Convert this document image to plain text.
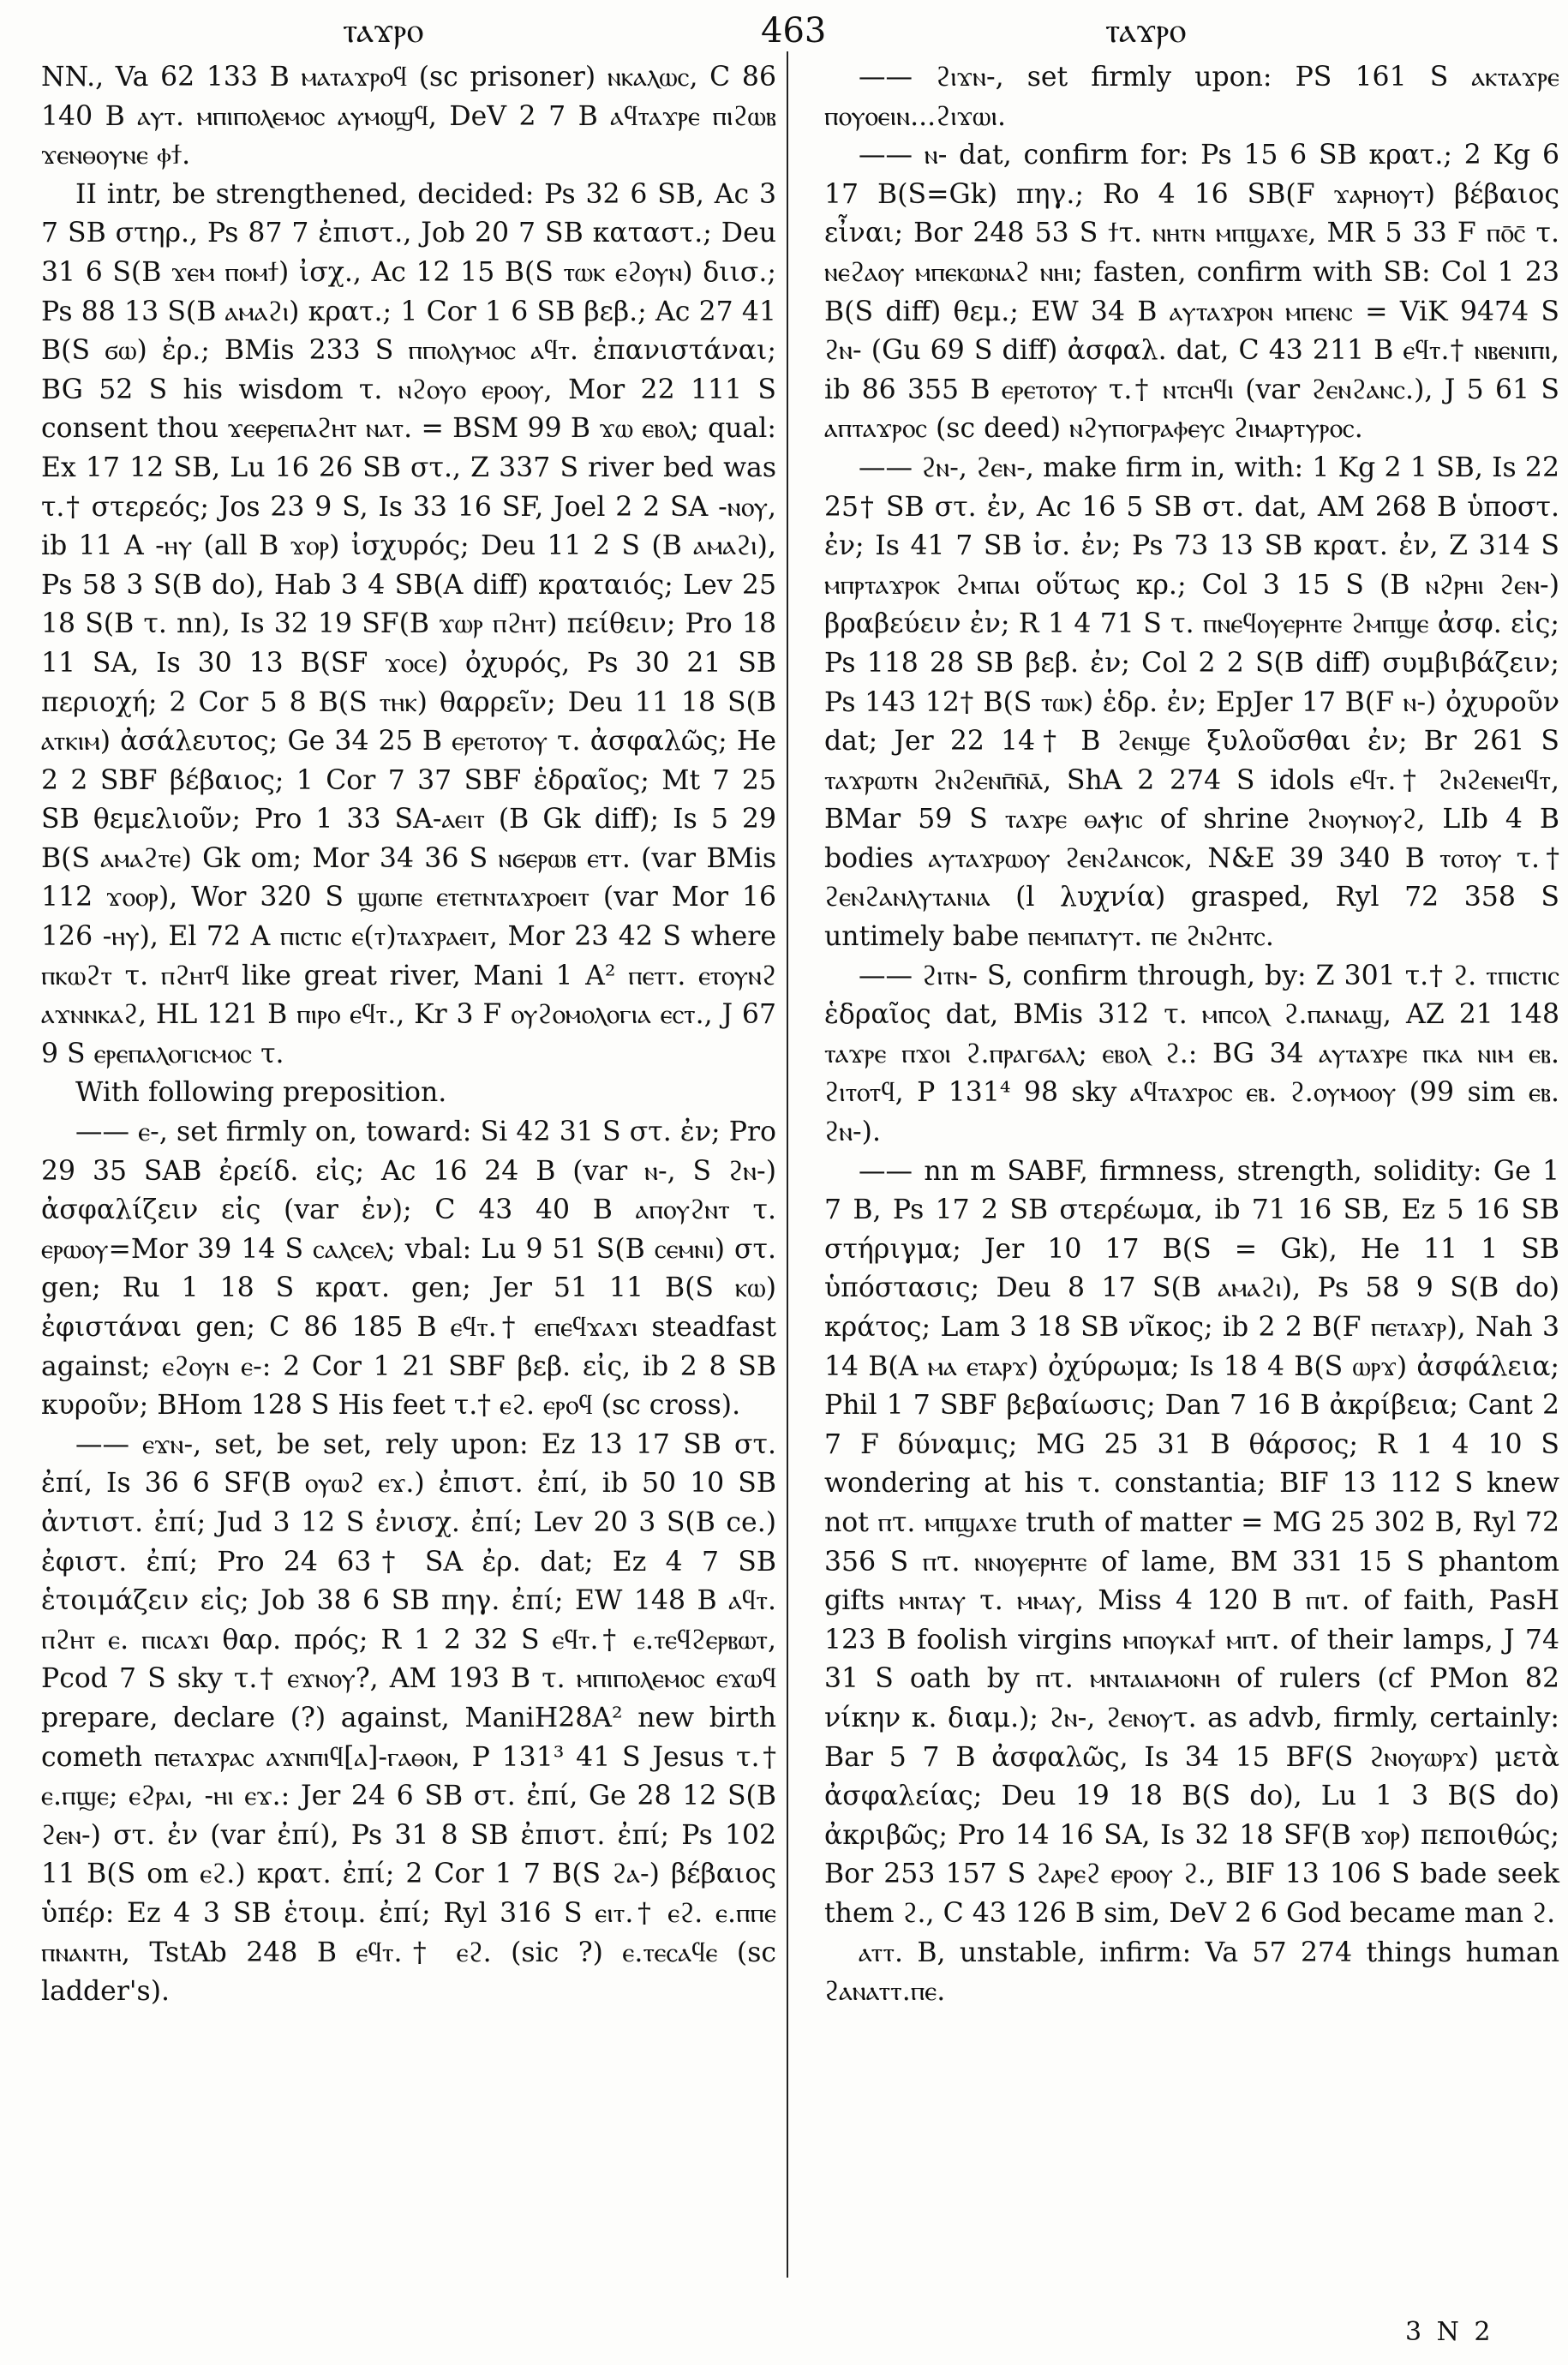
ⲧⲁϫⲣⲟ	463	ⲧⲁϫⲣⲟ

NN., Va 62 133 B ⲙⲁⲧⲁϫⲣⲟϥ (sc prisoner) ⲛⲕⲁⲗⲱⲥ, C 86 140 B ⲁⲩⲧ. ⲙⲡⲓⲡⲟⲗⲉⲙⲟⲥ ⲁⲩⲙⲟϣϥ, DeV 2 7 B ⲁϥⲧⲁϫⲣⲉ ⲡⲓϩⲱⲃ ϫⲉⲛⲑⲟⲩⲛⲉ ⲫϯ.

II intr, be strengthened, decided: Ps 32 6 SB, Ac 3 7 SB στηρ., Ps 87 7 ἐπιστ., Job 20 7 SB καταστ.; Deu 31 6 S(B ϫⲉⲙ ⲡⲟⲙϯ) ἰσχ., Ac 12 15 B(S ⲧⲱⲕ ⲉϩⲟⲩⲛ) διισ.; Ps 88 13 S(B ⲁⲙⲁϩⲓ) κρατ.; 1 Cor 1 6 SB βεβ.; Ac 27 41 B(S ϭⲱ) ἐρ.; BMis 233 S ⲡⲡⲟⲗⲩⲙⲟⲥ ⲁϥⲧ. ἐπανιστάναι; BG 52 S his wisdom τ. ⲛϩⲟⲩⲟ ⲉⲣⲟⲟⲩ, Mor 22 111 S consent thou ϫⲉⲉⲣⲉⲡⲁϩⲏⲧ ⲛⲁⲧ. = BSM 99 B ϫⲱ ⲉⲃⲟⲗ; qual: Ex 17 12 SB, Lu 16 26 SB στ., Z 337 S river bed was τ.† στερεός; Jos 23 9 S, Is 33 16 SF, Joel 2 2 SA -ⲛⲟⲩ, ib 11 A -ⲏⲩ (all B ϫⲟⲣ) ἰσχυρός; Deu 11 2 S (B ⲁⲙⲁϩⲓ), Ps 58 3 S(B do), Hab 3 4 SB(A diff) κραταιός; Lev 25 18 S(B τ. nn), Is 32 19 SF(B ϫⲱⲣ ⲡϩⲏⲧ) πείθειν; Pro 18 11 SA, Is 30 13 B(SF ϫⲟⲥⲉ) ὀχυρός, Ps 30 21 SB περιοχή; 2 Cor 5 8 B(S ⲧⲏⲕ) θαρρεῖν; Deu 11 18 S(B ⲁⲧⲕⲓⲙ) ἀσάλευτος; Ge 34 25 B ⲉⲣⲉⲧⲟⲧⲟⲩ τ. ἀσφαλῶς; He 2 2 SBF βέβαιος; 1 Cor 7 37 SBF ἑδραῖος; Mt 7 25 SB θεμελιοῦν; Pro 1 33 SA-ⲁⲉⲓⲧ (B Gk diff); Is 5 29 B(S ⲁⲙⲁϩⲧⲉ) Gk om; Mor 34 36 S ⲛϭⲉⲣⲱⲃ ⲉⲧⲧ. (var BMis 112 ϫⲟⲟⲣ), Wor 320 S ϣⲱⲡⲉ ⲉⲧⲉⲧⲛⲧⲁϫⲣⲟⲉⲓⲧ (var Mor 16 126 -ⲏⲩ), El 72 A ⲡⲓⲥⲧⲓⲥ ⲉ(ⲧ)ⲧⲁϫⲣⲁⲉⲓⲧ, Mor 23 42 S where ⲡⲕⲱϩⲧ τ. ⲡϩⲏⲧϥ like great river, Mani 1 A² ⲡⲉⲧⲧ. ⲉⲧⲟⲩⲛϩ ⲁϫⲛⲛⲕⲁϩ, HL 121 B ⲡⲓⲣⲟ ⲉϥⲧ., Kr 3 F ⲟⲩϩⲟⲙⲟⲗⲟⲅⲓⲁ ⲉⲥⲧ., J 67 9 S ⲉⲣⲉⲡⲁⲗⲟⲅⲓⲥⲙⲟⲥ τ.

With following preposition.

—— ⲉ-, set firmly on, toward: Si 42 31 S στ. ἐν; Pro 29 35 SAB ἐρείδ. εἰς; Ac 16 24 B (var ⲛ-, S ϩⲛ-) ἀσφαλίζειν εἰς (var ἐν); C 43 40 B ⲁⲡⲟⲩϩⲛⲧ τ. ⲉⲣⲱⲟⲩ=Mor 39 14 S ⲥⲁⲗⲥⲉⲗ; vbal: Lu 9 51 S(B ⲥⲉⲙⲛⲓ) στ. gen; Ru 1 18 S κρατ. gen; Jer 51 11 B(S ⲕⲱ) ἐφιστάναι gen; C 86 185 B ⲉϥⲧ.† ⲉⲡⲉϥϫⲁϫⲓ steadfast against; ⲉϩⲟⲩⲛ ⲉ-: 2 Cor 1 21 SBF βεβ. εἰς, ib 2 8 SB κυροῦν; BHom 128 S His feet τ.† ⲉϩ. ⲉⲣⲟϥ (sc cross).

—— ⲉϫⲛ-, set, be set, rely upon: Ez 13 17 SB στ. ἐπί, Is 36 6 SF(B ⲟⲩⲱϩ ⲉϫ.) ἐπιστ. ἐπί, ib 50 10 SB ἀντιστ. ἐπί; Jud 3 12 S ἐνισχ. ἐπί; Lev 20 3 S(B ce.) ἐφιστ. ἐπί; Pro 24 63† SA ἐρ. dat; Ez 4 7 SB ἑτοιμάζειν εἰς; Job 38 6 SB πηγ. ἐπί; EW 148 B ⲁϥⲧ. ⲡϩⲏⲧ ⲉ. ⲡⲓⲥⲁϫⲓ θαρ. πρός; R 1 2 32 S ⲉϥⲧ.† ⲉ.ⲧⲉϥϩⲉⲣⲃⲱⲧ, Pcod 7 S sky τ.† ⲉϫⲛⲟⲩ?, AM 193 B τ. ⲙⲡⲓⲡⲟⲗⲉⲙⲟⲥ ⲉϫⲱϥ prepare, declare (?) against, ManiH28A² new birth cometh ⲡⲉⲧⲁϫⲣⲁⲥ ⲁϫⲛⲡⲓϥ[ⲁ]-ⲅⲁⲑⲟⲛ, P 131³ 41 S Jesus τ.† ⲉ.ⲡϣⲉ; ⲉϩⲣⲁⲓ, -ⲏⲓ ⲉϫ.: Jer 24 6 SB στ. ἐπί, Ge 28 12 S(B ϩⲉⲛ-) στ. ἐν (var ἐπί), Ps 31 8 SB ἐπιστ. ἐπί; Ps 102 11 B(S om ⲉϩ.) κρατ. ἐπί; 2 Cor 1 7 B(S ϩⲁ-) βέβαιος ὑπέρ: Ez 4 3 SB ἑτοιμ. ἐπί; Ryl 316 S ⲉⲓⲧ.† ⲉϩ. ⲉ.ⲡⲡⲉ ⲡⲛⲁⲛⲧⲏ, TstAb 248 B ⲉϥⲧ.† ⲉϩ. (sic ?) ⲉ.ⲧⲉⲥⲁϥⲉ (sc ladder's).

—— ϩⲓϫⲛ-, set firmly upon: PS 161 S ⲁⲕⲧⲁϫⲣⲉ ⲡⲟⲩⲟⲉⲓⲛ...ϩⲓϫⲱⲓ.

—— ⲛ- dat, confirm for: Ps 15 6 SB κρατ.; 2 Kg 6 17 B(S=Gk) πηγ.; Ro 4 16 SB(F ϫⲁⲣⲏⲟⲩⲧ) βέβαιος εἶναι; Bor 248 53 S ϯτ. ⲛⲏⲧⲛ ⲙⲡϣⲁϫⲉ, MR 5 33 F ⲡⲟ̄ⲥ̄ τ. ⲛⲉϩⲁⲟⲩ ⲙⲡⲉⲕⲱⲛⲁϩ ⲛⲏⲓ; fasten, confirm with SB: Col 1 23 B(S diff) θεμ.; EW 34 B ⲁⲩⲧⲁϫⲣⲟⲛ ⲙⲡⲉⲛⲥ = ViK 9474 S ϩⲛ- (Gu 69 S diff) ἀσφαλ. dat, C 43 211 B ⲉϥⲧ.† ⲛⲃⲉⲛⲓⲡⲓ, ib 86 355 B ⲉⲣⲉⲧⲟⲧⲟⲩ τ.† ⲛⲧⲥⲏϥⲓ (var ϩⲉⲛϩⲁⲛⲥ.), J 5 61 S ⲁⲡⲧⲁϫⲣⲟⲥ (sc deed) ⲛϩⲩⲡⲟⲅⲣⲁⲫⲉⲩⲥ ϩⲓⲙⲁⲣⲧⲩⲣⲟⲥ.

—— ϩⲛ-, ϩⲉⲛ-, make firm in, with: 1 Kg 2 1 SB, Is 22 25† SB στ. ἐν, Ac 16 5 SB στ. dat, AM 268 B ὑποστ. ἐν; Is 41 7 SB ἰσ. ἐν; Ps 73 13 SB κρατ. ἐν, Z 314 S ⲙⲡⲣⲧⲁϫⲣⲟⲕ ϩⲙⲡⲁⲓ οὕτως κρ.; Col 3 15 S (B ⲛϩⲣⲏⲓ ϩⲉⲛ-) βραβεύειν ἐν; R 1 4 71 S τ. ⲡⲛⲉϥⲟⲩⲉⲣⲏⲧⲉ ϩⲙⲡϣⲉ ἀσφ. εἰς; Ps 118 28 SB βεβ. ἐν; Col 2 2 S(B diff) συμβιβάζειν; Ps 143 12† B(S ⲧⲱⲕ) ἑδρ. ἐν; EpJer 17 B(F ⲛ-) ὀχυροῦν dat; Jer 22 14† B ϩⲉⲛϣⲉ ξυλοῦσθαι ἐν; Br 261 S ⲧⲁϫⲣⲱⲧⲛ ϩⲛϩⲉⲛⲡ̄ⲛ̄ⲁ̄, ShA 2 274 S idols ⲉϥⲧ.† ϩⲛϩⲉⲛⲉⲓϥⲧ, BMar 59 S ⲧⲁϫⲣⲉ ⲑⲁⲯⲓⲥ of shrine ϩⲛⲟⲩⲛⲟⲩϩ, LIb 4 B bodies ⲁⲩⲧⲁϫⲣⲱⲟⲩ ϩⲉⲛϩⲁⲛⲥⲟⲕ, N&E 39 340 B ⲧⲟⲧⲟⲩ τ.† ϩⲉⲛϩⲁⲛⲗⲩⲧⲁⲛⲓⲁ (l λυχνία) grasped, Ryl 72 358 S untimely babe ⲡⲉⲙⲡⲁⲧⲩⲧ. ⲡⲉ ϩⲛϩⲏⲧⲥ.

—— ϩⲓⲧⲛ- S, confirm through, by: Z 301 τ.† ϩ. ⲧⲡⲓⲥⲧⲓⲥ ἑδραῖος dat, BMis 312 τ. ⲙⲡⲥⲟⲗ ϩ.ⲡⲁⲛⲁϣ, AZ 21 148 ⲧⲁϫⲣⲉ ⲡϫⲟⲓ ϩ.ⲡⲣⲁⲅϭⲁⲗ; ⲉⲃⲟⲗ ϩ.: BG 34 ⲁⲩⲧⲁϫⲣⲉ ⲡⲕⲁ ⲛⲓⲙ ⲉⲃ. ϩⲓⲧⲟⲧϥ, P 131⁴ 98 sky ⲁϥⲧⲁϫⲣⲟⲥ ⲉⲃ. ϩ.ⲟⲩⲙⲟⲟⲩ (99 sim ⲉⲃ. ϩⲛ-).

—— nn m SABF, firmness, strength, solidity: Ge 1 7 B, Ps 17 2 SB στερέωμα, ib 71 16 SB, Ez 5 16 SB στήριγμα; Jer 10 17 B(S = Gk), He 11 1 SB ὑπόστασις; Deu 8 17 S(B ⲁⲙⲁϩⲓ), Ps 58 9 S(B do) κράτος; Lam 3 18 SB νῖκος; ib 2 2 B(F ⲡⲉⲧⲁϫⲣ), Nah 3 14 B(A ⲙⲁ ⲉⲧⲁⲣϫ) ὀχύρωμα; Is 18 4 B(S ⲱⲣϫ) ἀσφάλεια; Phil 1 7 SBF βεβαίωσις; Dan 7 16 B ἀκρίβεια; Cant 2 7 F δύναμις; MG 25 31 B θάρσος; R 1 4 10 S wondering at his τ. constantia; BIF 13 112 S knew not ⲡτ. ⲙⲡϣⲁϫⲉ truth of matter = MG 25 302 B, Ryl 72 356 S ⲡτ. ⲛⲛⲟⲩⲉⲣⲏⲧⲉ of lame, BM 331 15 S phantom gifts ⲙⲛⲧⲁⲩ τ. ⲙⲙⲁⲩ, Miss 4 120 B ⲡⲓτ. of faith, PasH 123 B foolish virgins ⲙⲡⲟⲩⲕⲁϯ ⲙⲡτ. of their lamps, J 74 31 S oath by ⲡτ. ⲙⲛⲧⲁⲓⲁⲙⲟⲛⲏ of rulers (cf PMon 82 νίκην κ. διαμ.); ϩⲛ-, ϩⲉⲛⲟⲩτ. as advb, firmly, certainly: Bar 5 7 B ἀσφαλῶς, Is 34 15 BF(S ϩⲛⲟⲩⲱⲣϫ) μετὰ ἀσφαλείας; Deu 19 18 B(S do), Lu 1 3 B(S do) ἀκριβῶς; Pro 14 16 SA, Is 32 18 SF(B ϫⲟⲣ) πεποιθώς; Bor 253 157 S ϩⲁⲣⲉϩ ⲉⲣⲟⲟⲩ ϩ., BIF 13 106 S bade seek them ϩ., C 43 126 B sim, DeV 2 6 God became man ϩ.

ⲁⲧⲧ. B, unstable, infirm: Va 57 274 things human ϩⲁⲛⲁⲧⲧ.ⲡⲉ.

3 N 2
